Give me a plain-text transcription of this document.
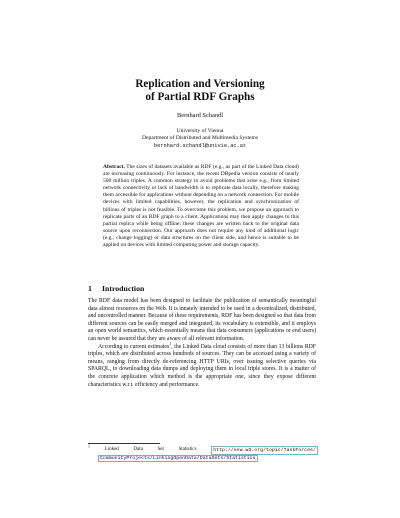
Replication and Versioning
of Partial RDF Graphs
Bernhard Schandl
University of Vienna
Department of Distributed and Multimedia Systems
bernhard.schandl@univie.ac.at
Abstract. The sizes of datasets available as RDF (e.g., as part of the Linked Data cloud) are increasing continuously. For instance, the recent DBpedia version consists of nearly 500 million triples. A common strategy to avoid problems that arise e.g., from limited network connectivity or lack of bandwidth is to replicate data locally, therefore making them accessible for applications without depending on a network connection. For mobile devices with limited capabilities, however, the replication and synchronization of billions of triples is not feasible. To overcome this problem, we propose an approach to replicate parts of an RDF graph to a client. Applications may then apply changes to this partial replica while being offline; these changes are written back to the original data source upon reconnection. Our approach does not require any kind of additional logic (e.g., change logging) or data structures on the client side, and hence is suitable to be applied on devices with limited computing power and storage capacity.
1 Introduction

The RDF data model has been designed to facilitate the publication of semantically meaningful data almost resources on the Web. It is innately intended to be used in a decentralized, distributed, and uncontrolled manner. Because of these requirements, RDF has been designed so that data from different sources can be easily merged and integrated, its vocabulary is extensible, and it employs an open world semantics, which essentially means that data consumers (applications or end users) can never be assured that they are aware of all relevant information.

According to current estimates$^1$, the Linked Data cloud consists of more than 13 billions RDF triples, which are distributed across hundreds of sources. They can be accessed using a variety of means, ranging from directly de-referencing HTTP URIs, over issuing selective queries via SPARQL, to downloading data dumps and deploying them in local triple stores. It is a matter of the concrete application which method is the appropriate one, since they expose different characteristics w.r.t. efficiency and performance.

$^1$
Linked	Data	Set	Statistics	http://esw.w3.org/topic/TaskForces/
CommunityProjects/LinkingOpenData/DataSets/Statistics
